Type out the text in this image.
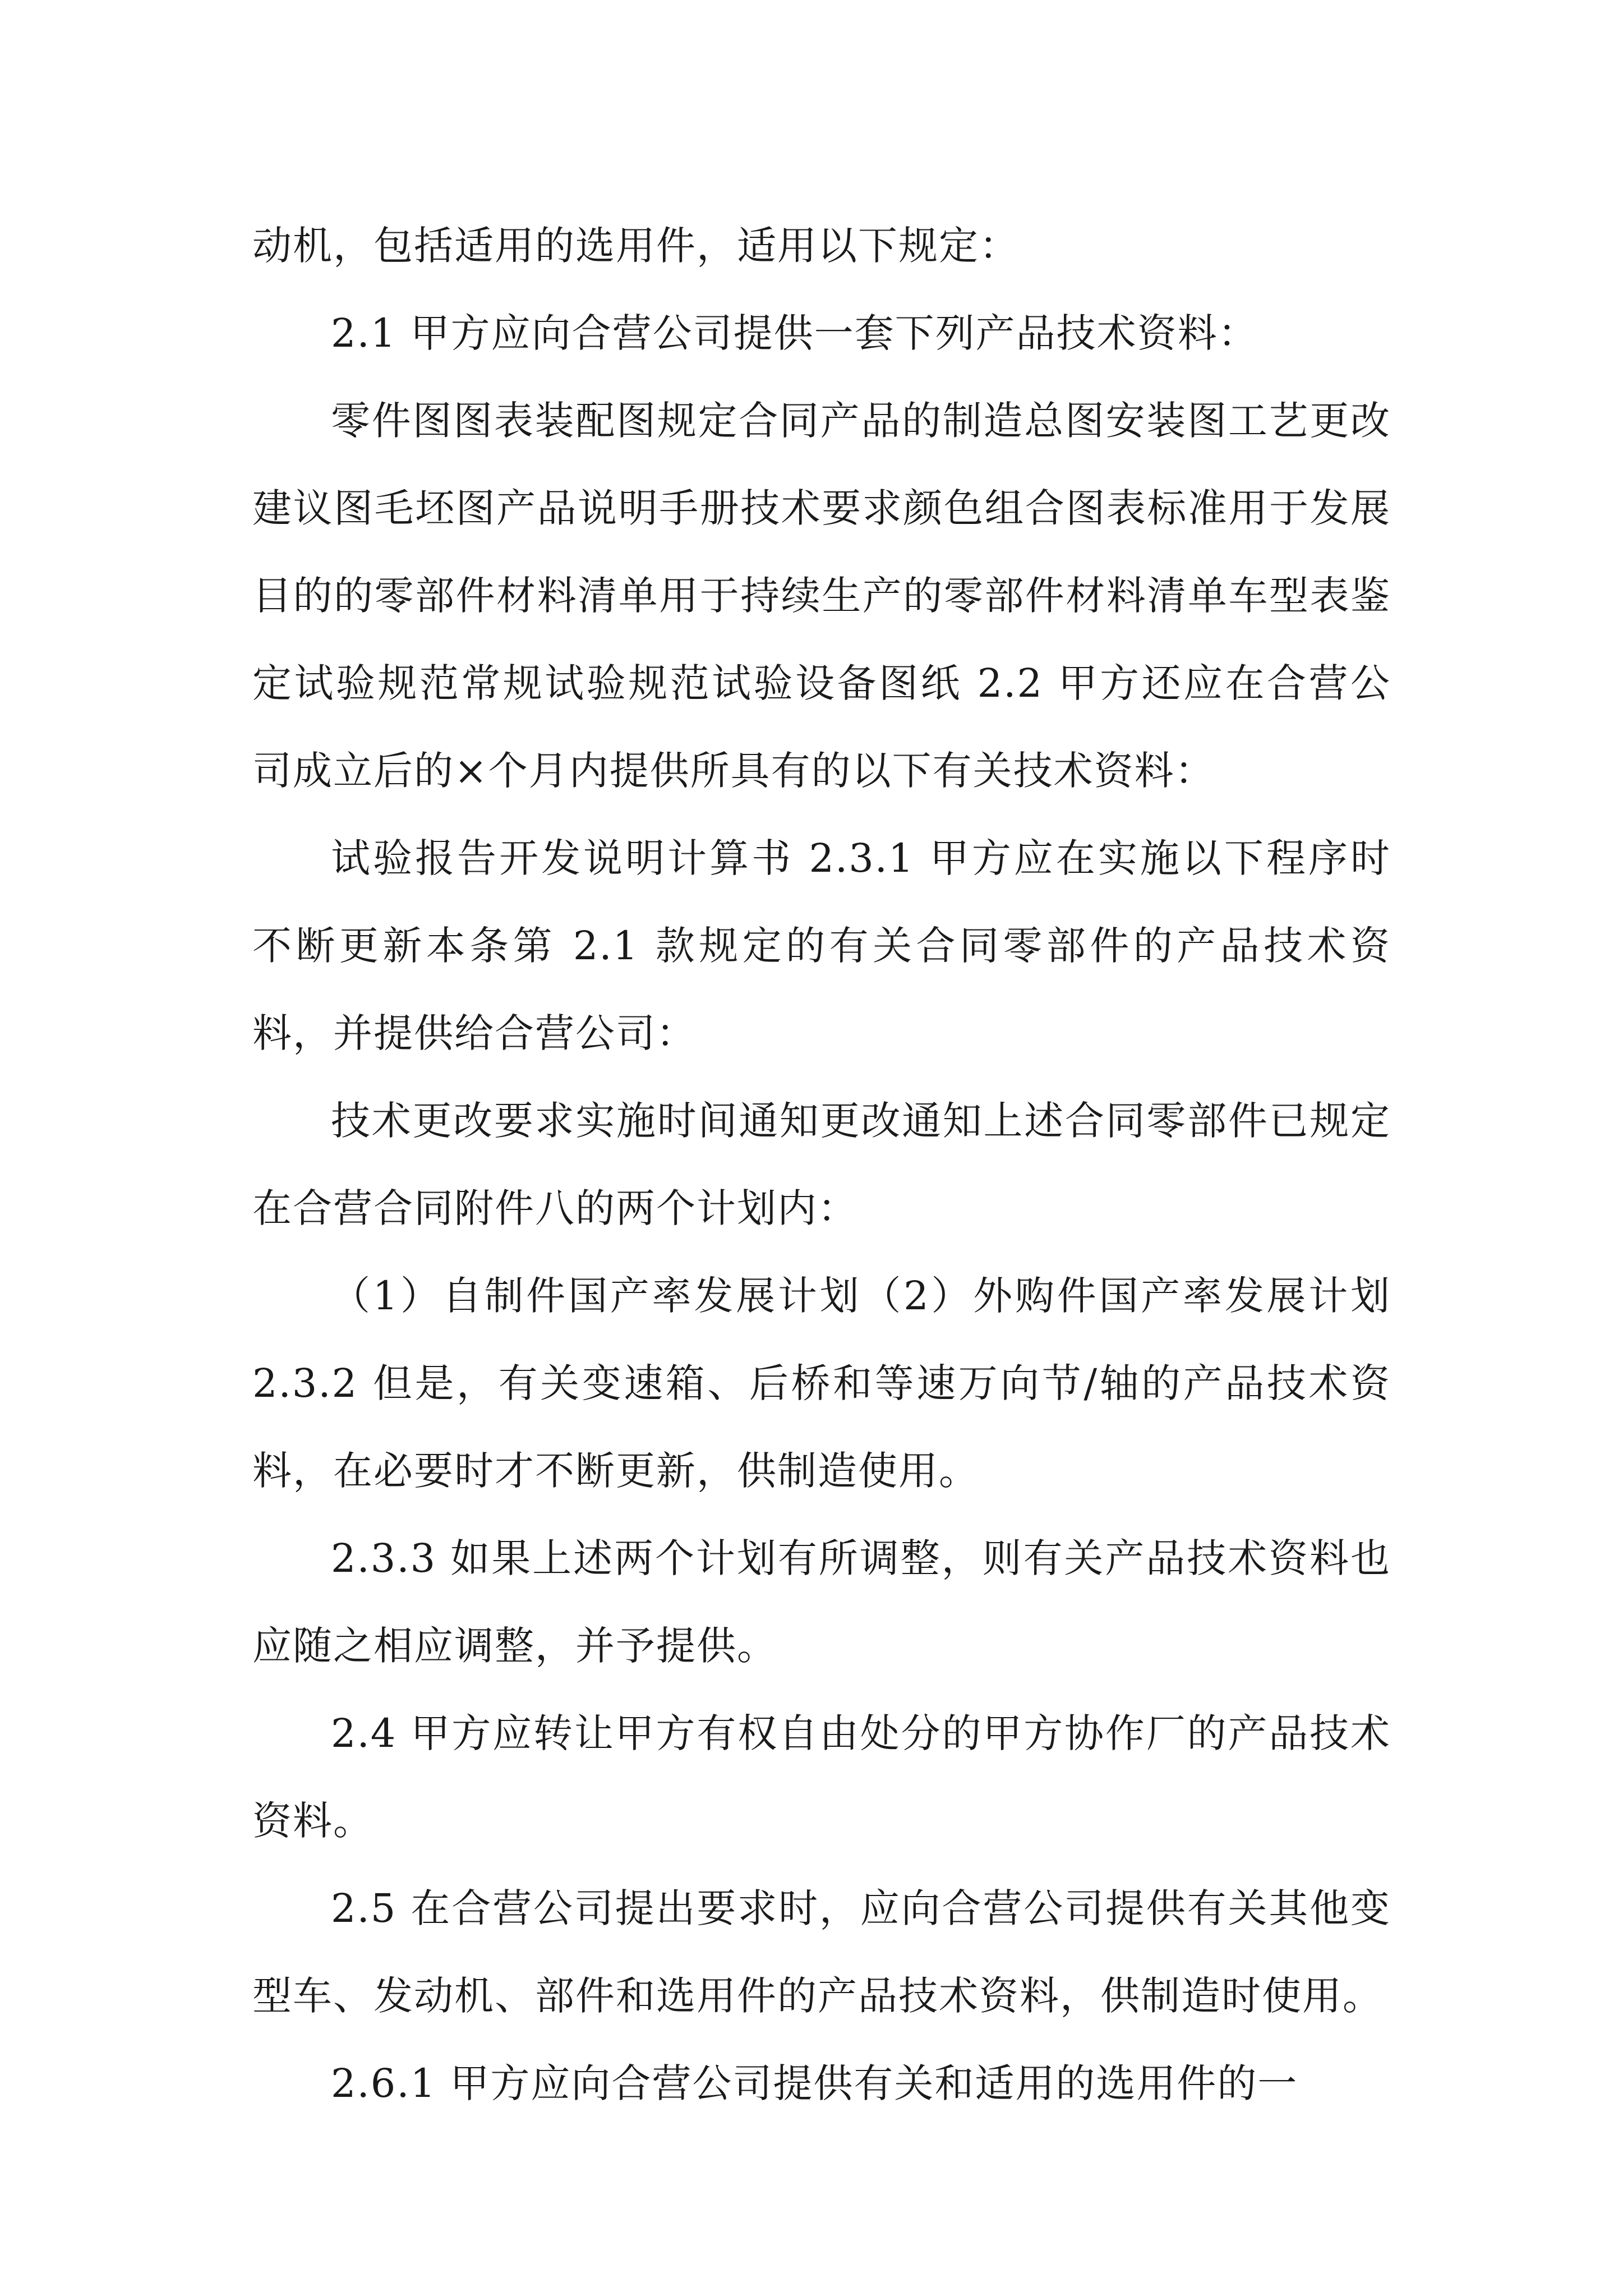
动机，包括适用的选用件，适用以下规定：

2.1 甲方应向合营公司提供一套下列产品技术资料：

零件图图表装配图规定合同产品的制造总图安装图工艺更改建议图毛坯图产品说明手册技术要求颜色组合图表标准用于发展目的的零部件材料清单用于持续生产的零部件材料清单车型表鉴定试验规范常规试验规范试验设备图纸 2.2 甲方还应在合营公司成立后的×个月内提供所具有的以下有关技术资料：

试验报告开发说明计算书 2.3.1 甲方应在实施以下程序时不断更新本条第 2.1 款规定的有关合同零部件的产品技术资料，并提供给合营公司：

技术更改要求实施时间通知更改通知上述合同零部件已规定在合营合同附件八的两个计划内：

（1）自制件国产率发展计划（2）外购件国产率发展计划 2.3.2 但是，有关变速箱、后桥和等速万向节/轴的产品技术资料，在必要时才不断更新，供制造使用。

2.3.3 如果上述两个计划有所调整，则有关产品技术资料也应随之相应调整，并予提供。

2.4 甲方应转让甲方有权自由处分的甲方协作厂的产品技术资料。

2.5 在合营公司提出要求时，应向合营公司提供有关其他变型车、发动机、部件和选用件的产品技术资料，供制造时使用。

2.6.1 甲方应向合营公司提供有关和适用的选用件的一
